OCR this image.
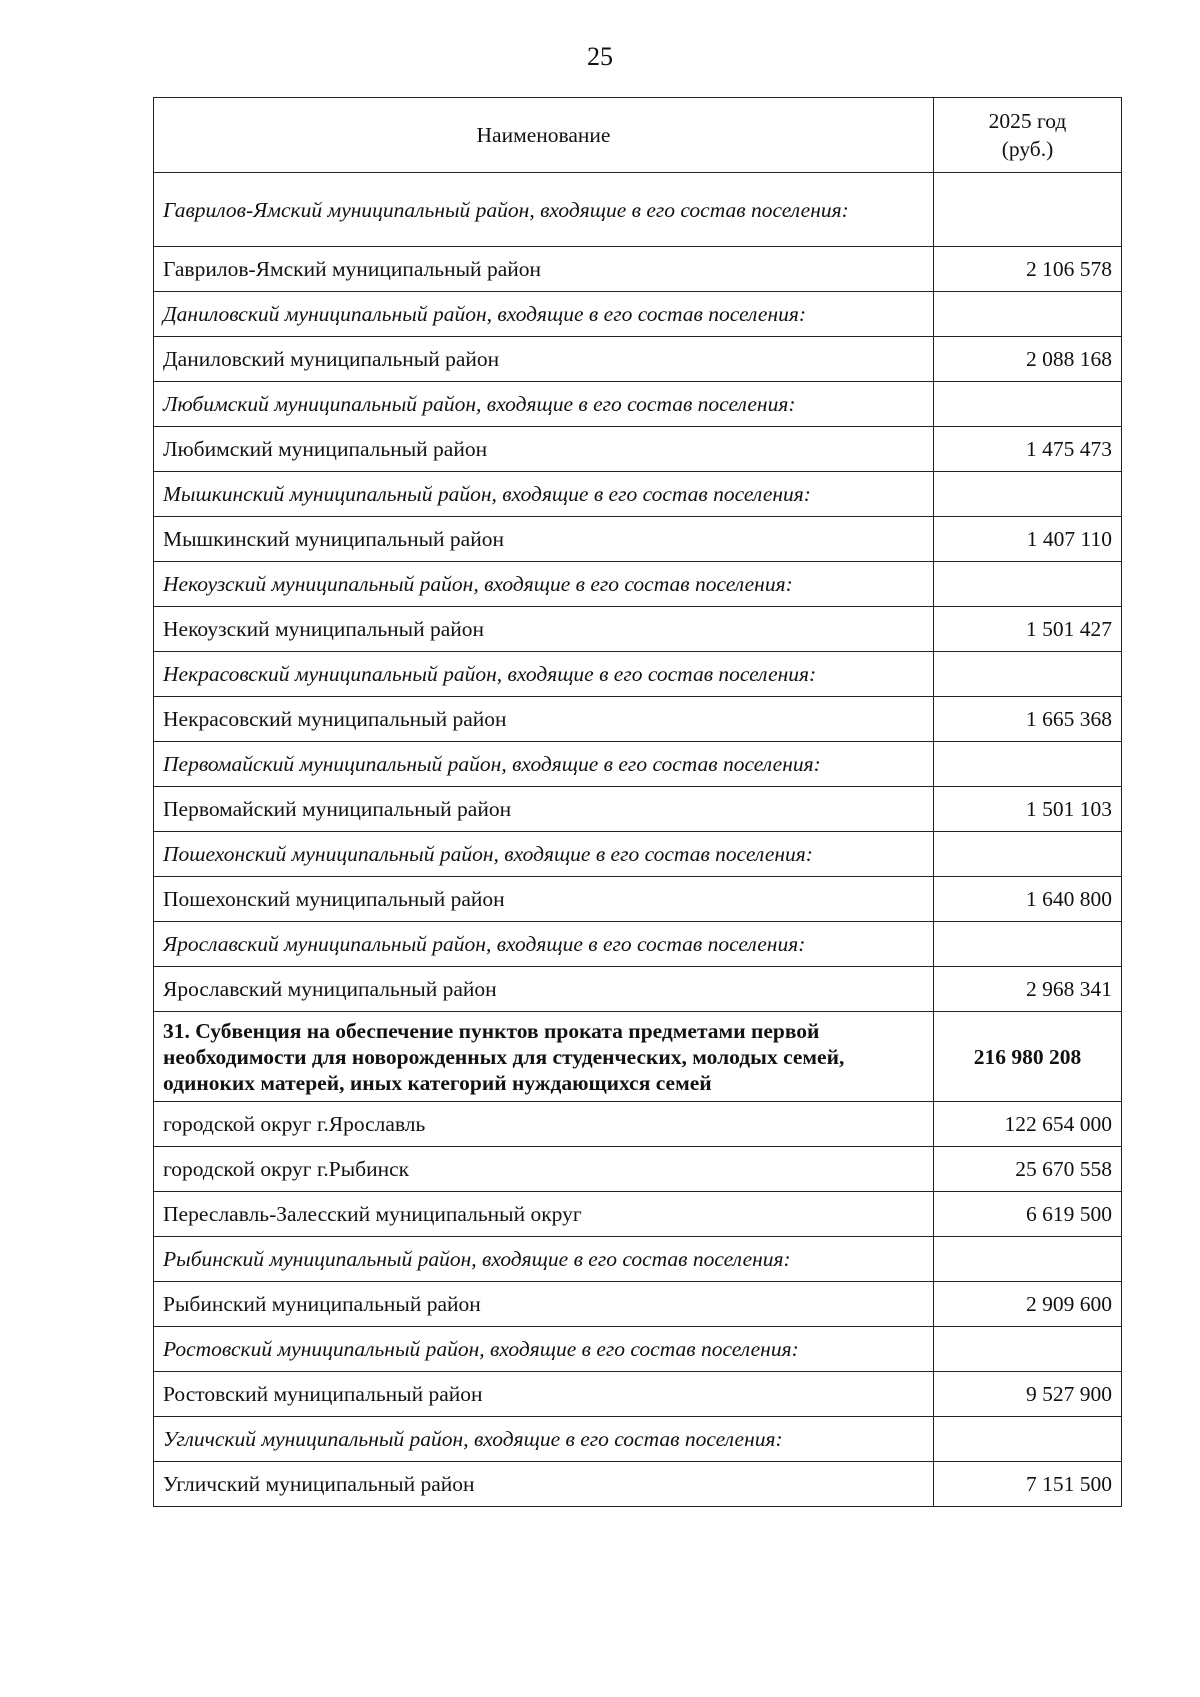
25
Наименование	2025 год
(руб.)
Гаврилов-Ямский муниципальный район, входящие в его состав поселения:	
Гаврилов-Ямский муниципальный район	2 106 578
Даниловский муниципальный район, входящие в его состав поселения:	
Даниловский муниципальный район	2 088 168
Любимский муниципальный район, входящие в его состав поселения:	
Любимский муниципальный район	1 475 473
Мышкинский муниципальный район, входящие в его состав поселения:	
Мышкинский муниципальный район	1 407 110
Некоузский муниципальный район, входящие в его состав поселения:	
Некоузский муниципальный район	1 501 427
Некрасовский муниципальный район, входящие в его состав поселения:	
Некрасовский муниципальный район	1 665 368
Первомайский муниципальный район, входящие в его состав поселения:	
Первомайский муниципальный район	1 501 103
Пошехонский муниципальный район, входящие в его состав поселения:	
Пошехонский муниципальный район	1 640 800
Ярославский муниципальный район, входящие в его состав поселения:	
Ярославский муниципальный район	2 968 341
31. Субвенция на обеспечение пунктов проката предметами первой необходимости для новорожденных для студенческих, молодых семей, одиноких матерей, иных категорий нуждающихся семей	216 980 208
городской округ г.Ярославль	122 654 000
городской округ г.Рыбинск	25 670 558
Переславль-Залесский муниципальный округ	6 619 500
Рыбинский муниципальный район, входящие в его состав поселения:	
Рыбинский муниципальный район	2 909 600
Ростовский муниципальный район, входящие в его состав поселения:	
Ростовский муниципальный район	9 527 900
Угличский муниципальный район, входящие в его состав поселения:	
Угличский муниципальный район	7 151 500
